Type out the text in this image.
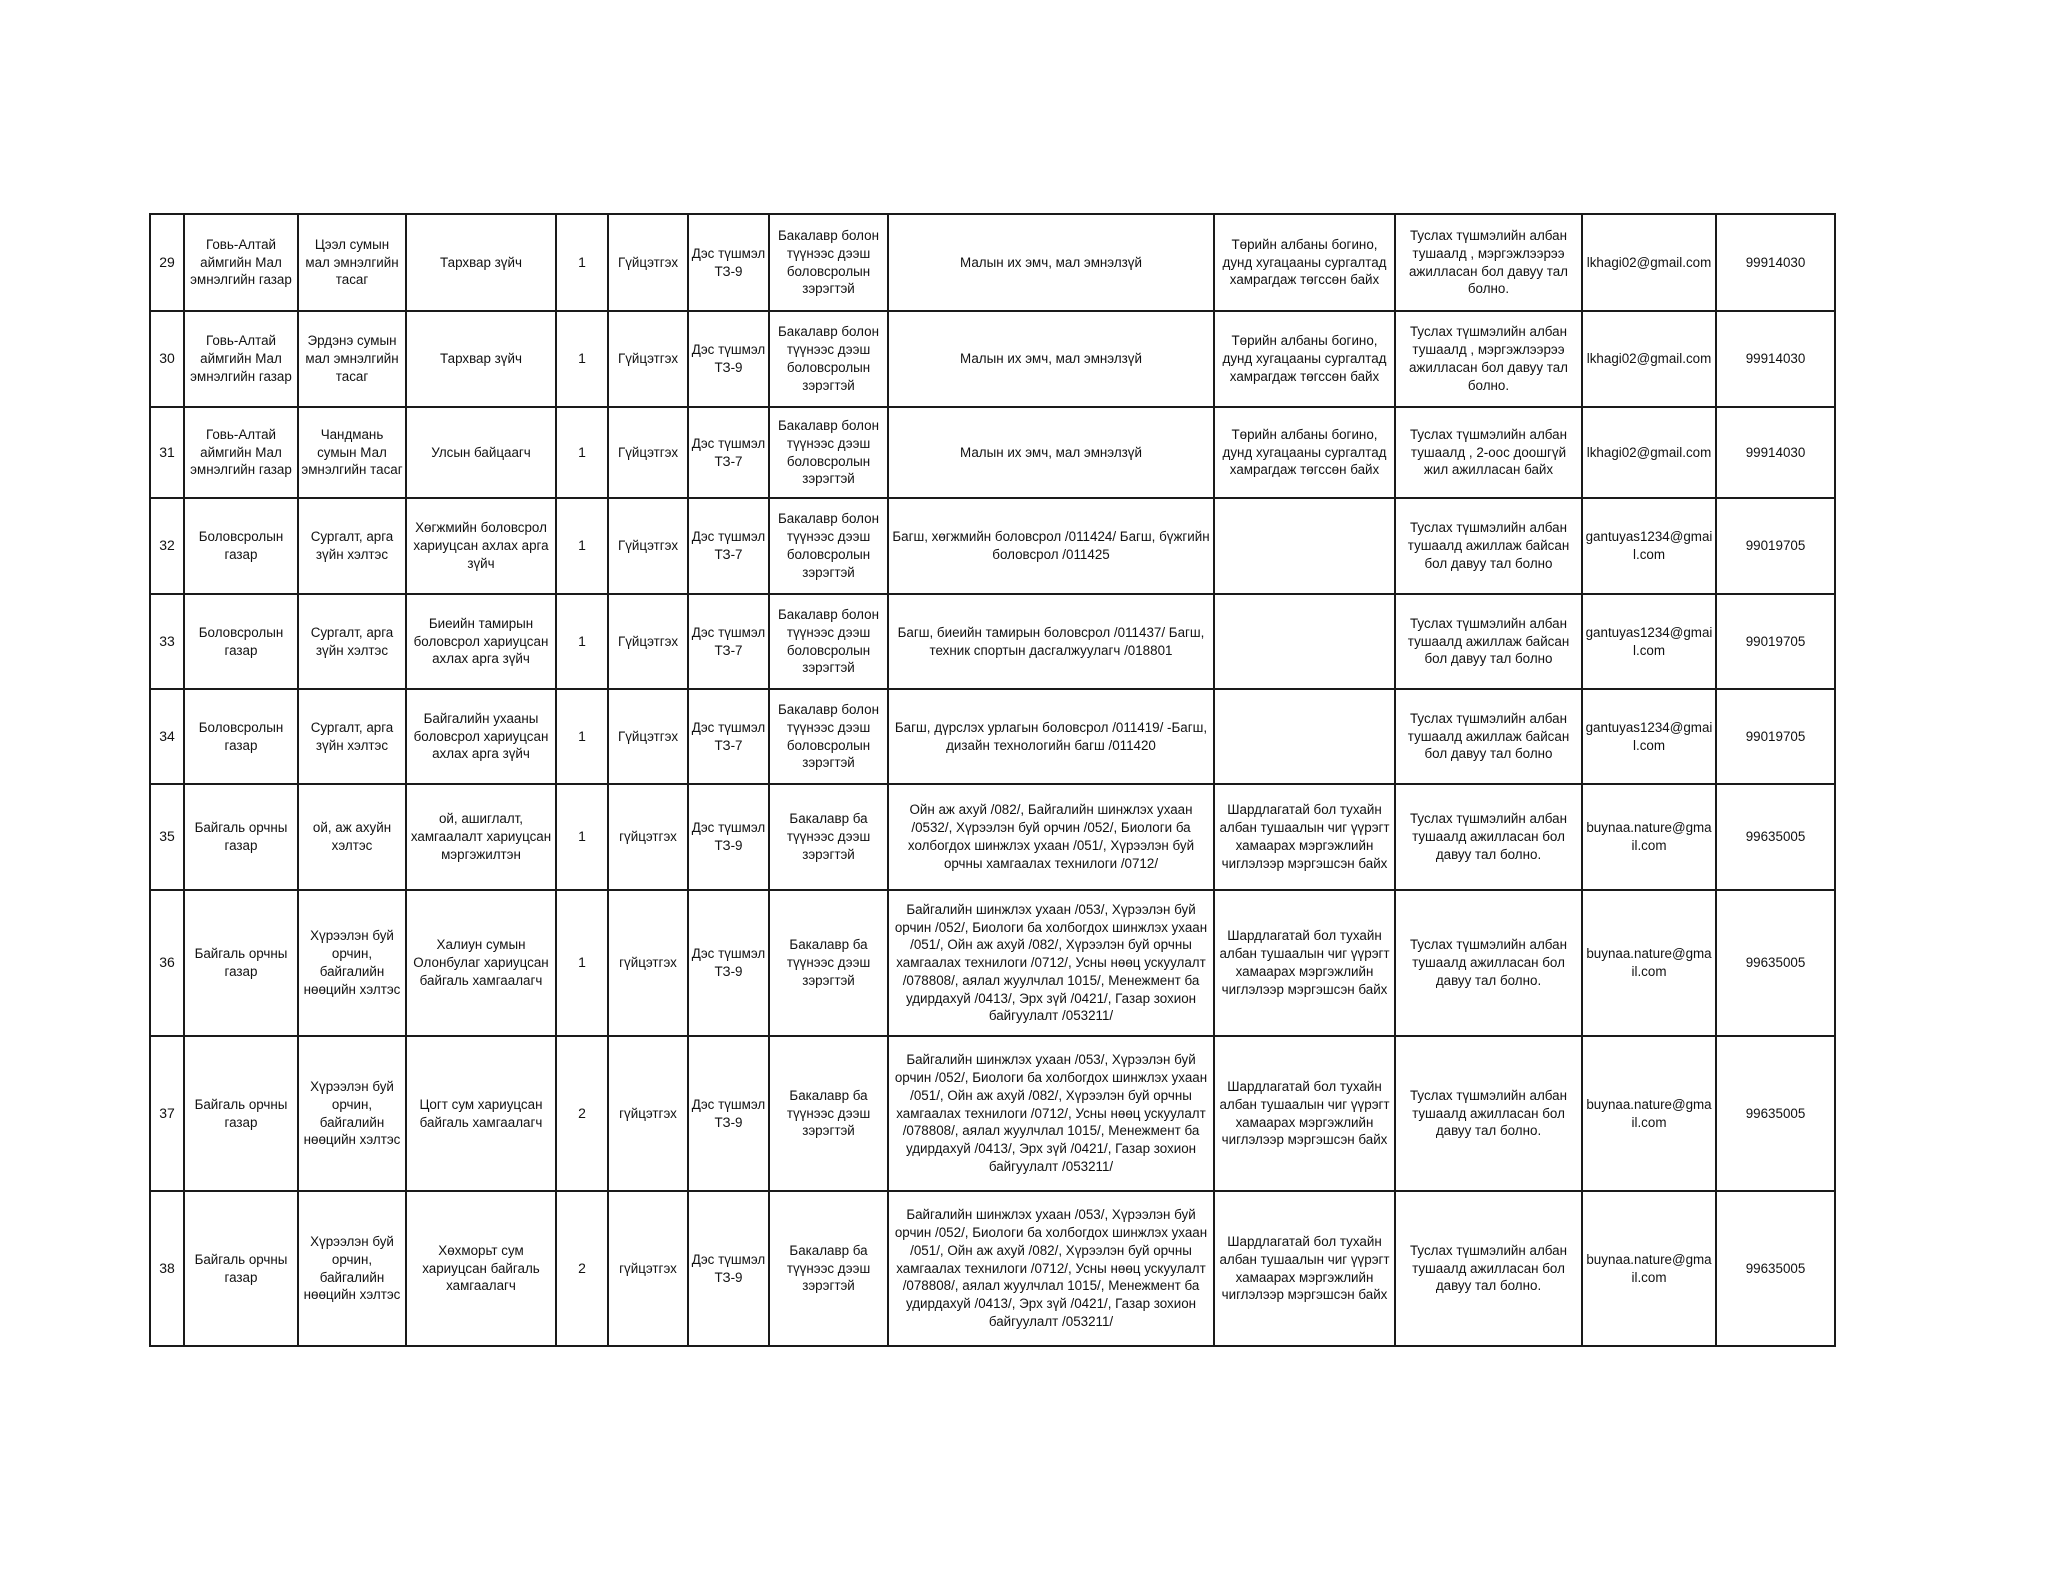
29	Говь-Алтай аймгийн Мал эмнэлгийн газар	Цээл сумын мал эмнэлгийн тасаг	Тархвар зүйч	1	Гүйцэтгэх	Дэс түшмэл ТЗ-9	Бакалавр болон түүнээс дээш боловсролын зэрэгтэй	Малын их эмч, мал эмнэлзүй	Төрийн албаны богино, дунд хугацааны сургалтад хамрагдаж төгссөн байх	Туслах түшмэлийн албан тушаалд , мэргэжлээрээ ажилласан бол давуу тал болно.	lkhagi02@gmail.com	99914030
30	Говь-Алтай аймгийн Мал эмнэлгийн газар	Эрдэнэ сумын мал эмнэлгийн тасаг	Тархвар зүйч	1	Гүйцэтгэх	Дэс түшмэл ТЗ-9	Бакалавр болон түүнээс дээш боловсролын зэрэгтэй	Малын их эмч, мал эмнэлзүй	Төрийн албаны богино, дунд хугацааны сургалтад хамрагдаж төгссөн байх	Туслах түшмэлийн албан тушаалд , мэргэжлээрээ ажилласан бол давуу тал болно.	lkhagi02@gmail.com	99914030
31	Говь-Алтай аймгийн Мал эмнэлгийн газар	Чандмань сумын Мал эмнэлгийн тасаг	Улсын байцаагч	1	Гүйцэтгэх	Дэс түшмэл ТЗ-7	Бакалавр болон түүнээс дээш боловсролын зэрэгтэй	Малын их эмч, мал эмнэлзүй	Төрийн албаны богино, дунд хугацааны сургалтад хамрагдаж төгссөн байх	Туслах түшмэлийн албан тушаалд , 2-оос доошгүй жил ажилласан байх	lkhagi02@gmail.com	99914030
32	Боловсролын газар	Сургалт, арга зүйн хэлтэс	Хөгжмийн боловсрол хариуцсан ахлах арга зүйч	1	Гүйцэтгэх	Дэс түшмэл ТЗ-7	Бакалавр болон түүнээс дээш боловсролын зэрэгтэй	Багш, хөгжмийн боловсрол /011424/ Багш, бүжгийн боловсрол /011425		Туслах түшмэлийн албан тушаалд ажиллаж байсан бол давуу тал болно	gantuyas1234@gmail.com	99019705
33	Боловсролын газар	Сургалт, арга зүйн хэлтэс	Биеийн тамирын боловсрол хариуцсан ахлах арга зүйч	1	Гүйцэтгэх	Дэс түшмэл ТЗ-7	Бакалавр болон түүнээс дээш боловсролын зэрэгтэй	Багш, биеийн тамирын боловсрол /011437/ Багш, техник спортын дасгалжуулагч /018801		Туслах түшмэлийн албан тушаалд ажиллаж байсан бол давуу тал болно	gantuyas1234@gmail.com	99019705
34	Боловсролын газар	Сургалт, арга зүйн хэлтэс	Байгалийн ухааны боловсрол хариуцсан ахлах арга зүйч	1	Гүйцэтгэх	Дэс түшмэл ТЗ-7	Бакалавр болон түүнээс дээш боловсролын зэрэгтэй	Багш, дүрслэх урлагын боловсрол /011419/ -Багш, дизайн технологийн багш /011420		Туслах түшмэлийн албан тушаалд ажиллаж байсан бол давуу тал болно	gantuyas1234@gmail.com	99019705
35	Байгаль орчны газар	ой, аж ахуйн хэлтэс	ой, ашиглалт, хамгаалалт хариуцсан мэргэжилтэн	1	гүйцэтгэх	Дэс түшмэл ТЗ-9	Бакалавр ба түүнээс дээш зэрэгтэй	Ойн аж ахуй /082/, Байгалийн шинжлэх ухаан /0532/, Хүрээлэн буй орчин /052/, Биологи ба холбогдох шинжлэх ухаан /051/, Хүрээлэн буй орчны хамгаалах технилоги /0712/	Шардлагатай бол тухайн албан тушаалын чиг үүрэгт хамаарах мэргэжлийн чиглэлээр мэргэшсэн байх	Туслах түшмэлийн албан тушаалд ажилласан бол давуу тал болно.	buynaa.nature@gmail.com	99635005
36	Байгаль орчны газар	Хүрээлэн буй орчин, байгалийн нөөцийн хэлтэс	Халиун сумын Олонбулаг хариуцсан байгаль хамгаалагч	1	гүйцэтгэх	Дэс түшмэл ТЗ-9	Бакалавр ба түүнээс дээш зэрэгтэй	Байгалийн шинжлэх ухаан /053/, Хүрээлэн буй орчин /052/, Биологи ба холбогдох шинжлэх ухаан /051/, Ойн аж ахуй /082/, Хүрээлэн буй орчны хамгаалах технилоги /0712/, Усны нөөц ускуулалт /078808/, аялал жуулчлал 1015/, Менежмент ба удирдахуй /0413/, Эрх зүй /0421/, Газар зохион байгуулалт /053211/	Шардлагатай бол тухайн албан тушаалын чиг үүрэгт хамаарах мэргэжлийн чиглэлээр мэргэшсэн байх	Туслах түшмэлийн албан тушаалд ажилласан бол давуу тал болно.	buynaa.nature@gmail.com	99635005
37	Байгаль орчны газар	Хүрээлэн буй орчин, байгалийн нөөцийн хэлтэс	Цогт сум хариуцсан байгаль хамгаалагч	2	гүйцэтгэх	Дэс түшмэл ТЗ-9	Бакалавр ба түүнээс дээш зэрэгтэй	Байгалийн шинжлэх ухаан /053/, Хүрээлэн буй орчин /052/, Биологи ба холбогдох шинжлэх ухаан /051/, Ойн аж ахуй /082/, Хүрээлэн буй орчны хамгаалах технилоги /0712/, Усны нөөц ускуулалт /078808/, аялал жуулчлал 1015/, Менежмент ба удирдахуй /0413/, Эрх зүй /0421/, Газар зохион байгуулалт /053211/	Шардлагатай бол тухайн албан тушаалын чиг үүрэгт хамаарах мэргэжлийн чиглэлээр мэргэшсэн байх	Туслах түшмэлийн албан тушаалд ажилласан бол давуу тал болно.	buynaa.nature@gmail.com	99635005
38	Байгаль орчны газар	Хүрээлэн буй орчин, байгалийн нөөцийн хэлтэс	Хөхморьт сум хариуцсан байгаль хамгаалагч	2	гүйцэтгэх	Дэс түшмэл ТЗ-9	Бакалавр ба түүнээс дээш зэрэгтэй	Байгалийн шинжлэх ухаан /053/, Хүрээлэн буй орчин /052/, Биологи ба холбогдох шинжлэх ухаан /051/, Ойн аж ахуй /082/, Хүрээлэн буй орчны хамгаалах технилоги /0712/, Усны нөөц ускуулалт /078808/, аялал жуулчлал 1015/, Менежмент ба удирдахуй /0413/, Эрх зүй /0421/, Газар зохион байгуулалт /053211/	Шардлагатай бол тухайн албан тушаалын чиг үүрэгт хамаарах мэргэжлийн чиглэлээр мэргэшсэн байх	Туслах түшмэлийн албан тушаалд ажилласан бол давуу тал болно.	buynaa.nature@gmail.com	99635005
